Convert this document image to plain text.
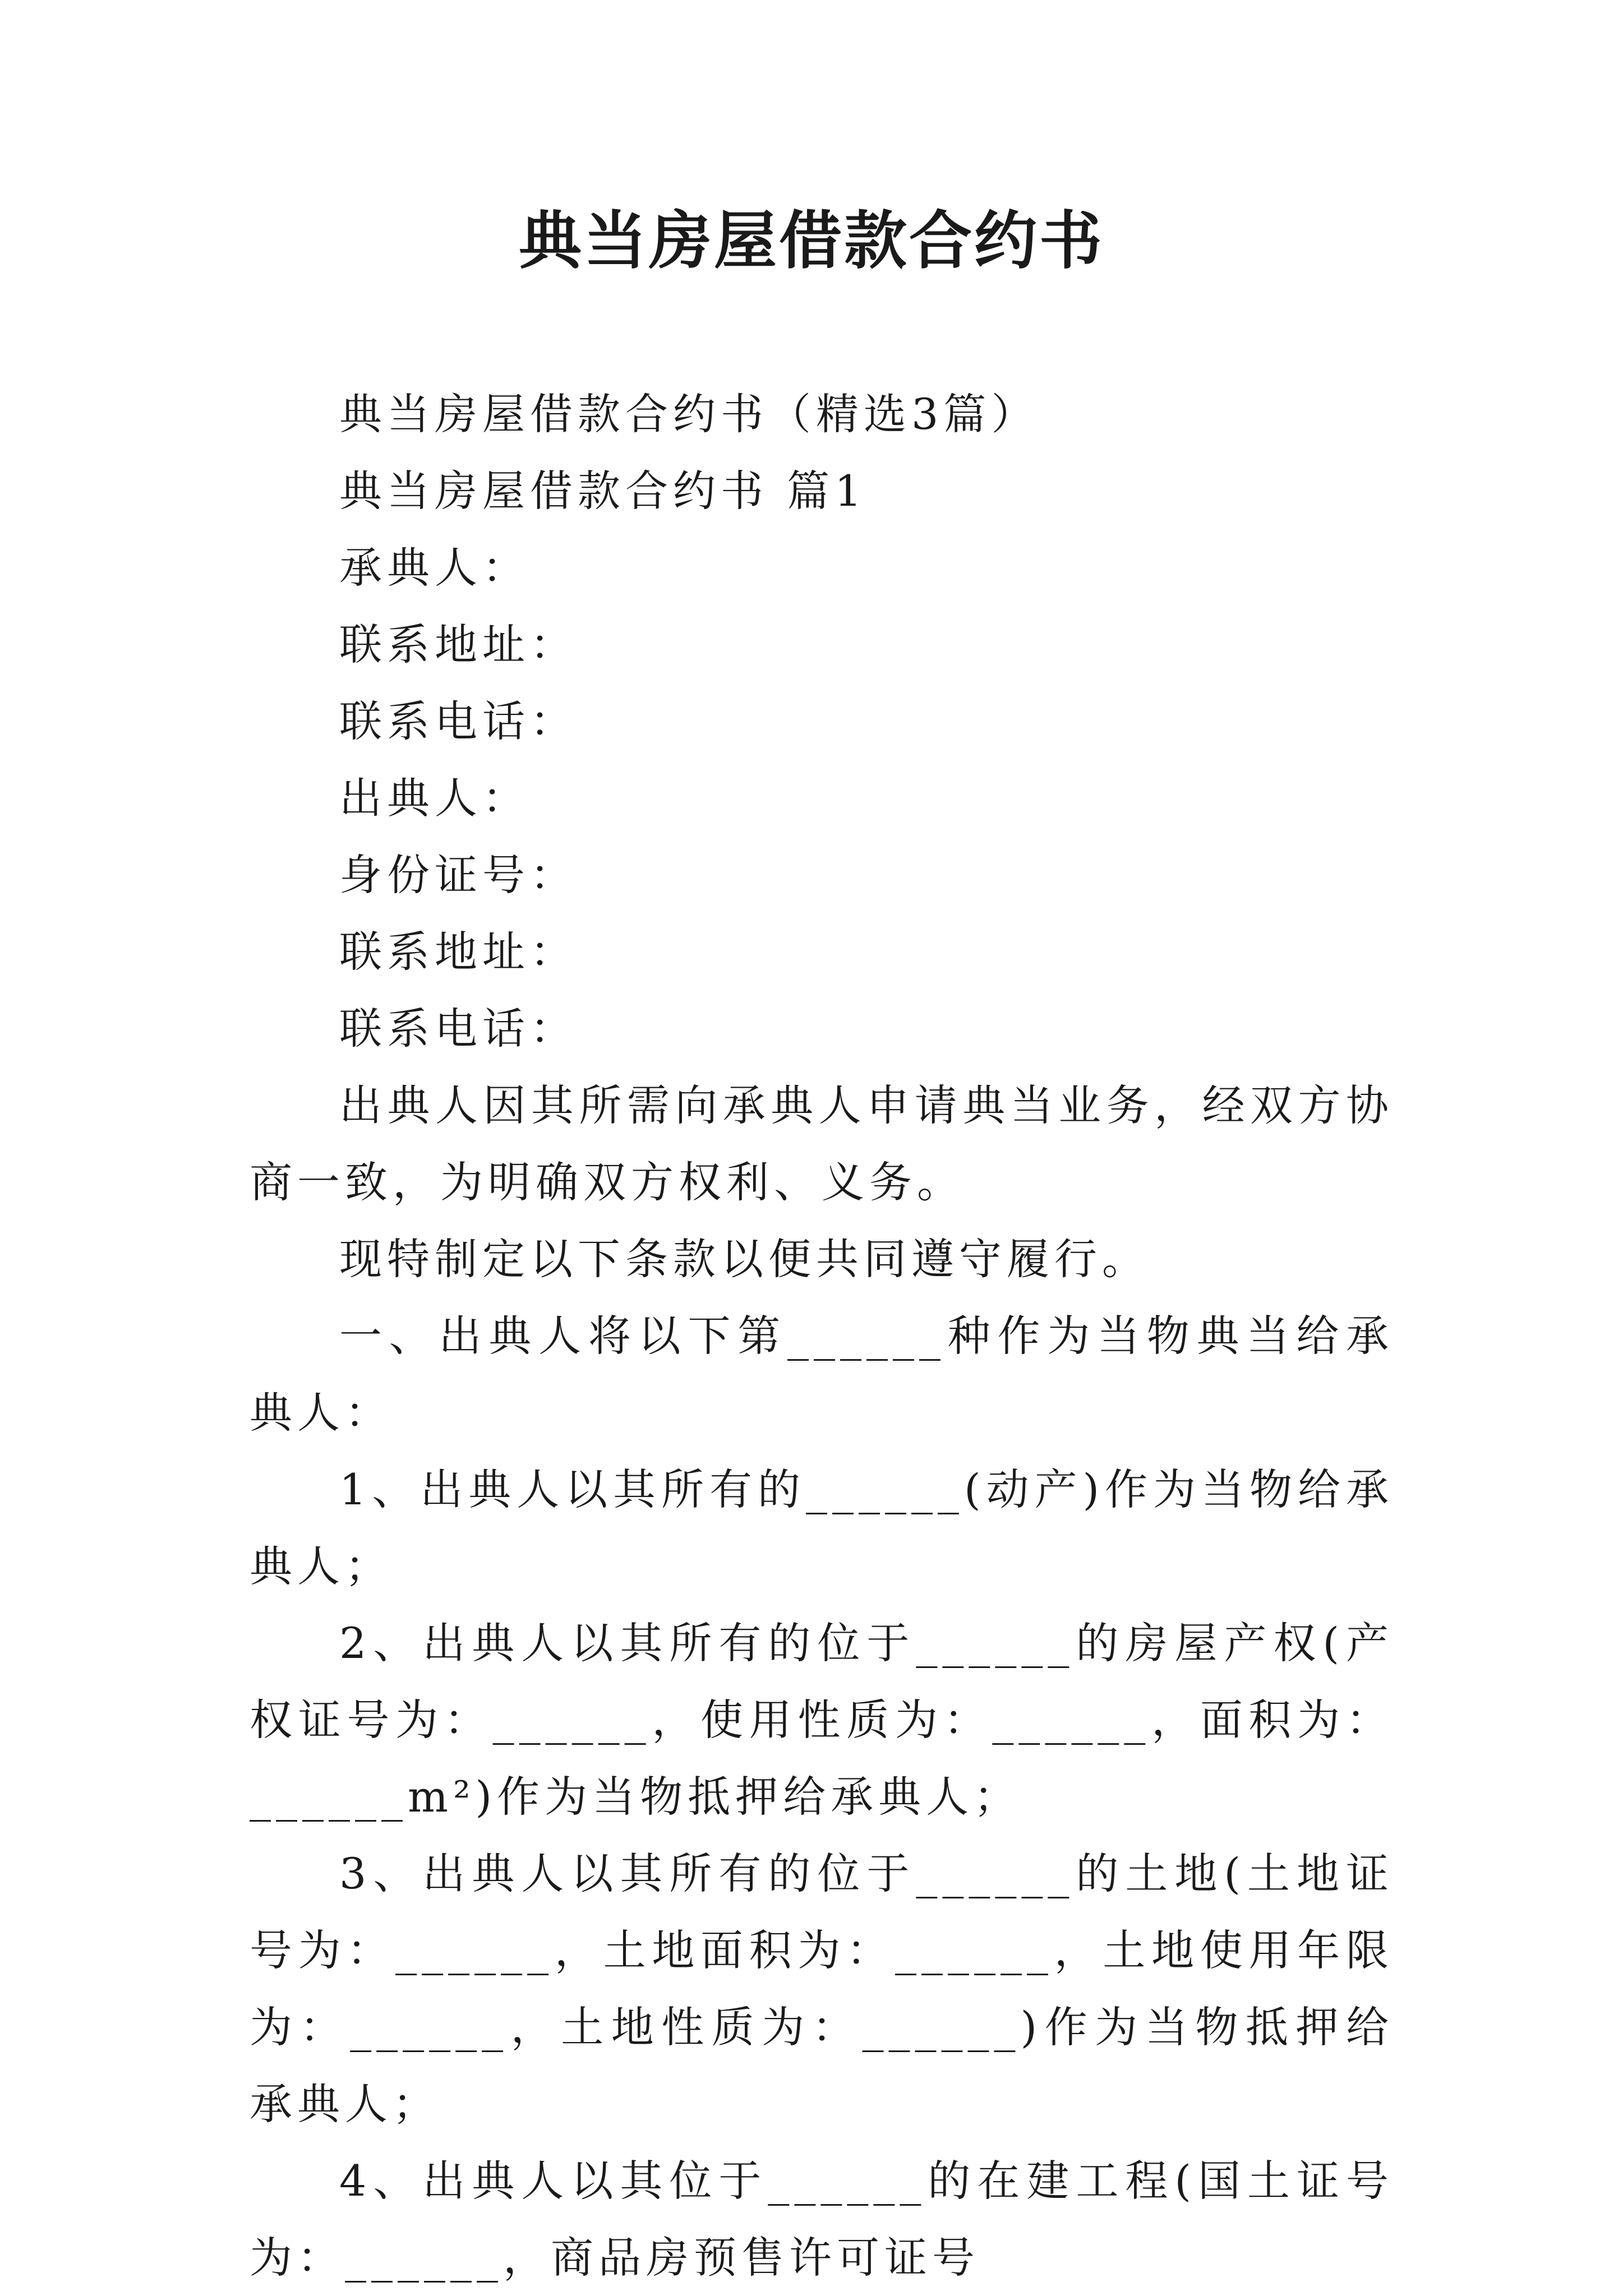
典当房屋借款合约书

典当房屋借款合约书（精选3篇）

典当房屋借款合约书 篇1

承典人：

联系地址：

联系电话：

出典人：

身份证号：

联系地址：

联系电话：

出典人因其所需向承典人申请典当业务，经双方协商一致，为明确双方权利、义务。

现特制定以下条款以便共同遵守履行。

一、出典人将以下第______种作为当物典当给承典人：

1、出典人以其所有的______(动产)作为当物给承典人；

2、出典人以其所有的位于______的房屋产权(产权证号为：______，使用性质为：______，面积为：______m²)作为当物抵押给承典人；

3、出典人以其所有的位于______的土地(土地证号为：______，土地面积为：______，土地使用年限为：______，土地性质为：______)作为当物抵押给承典人；

4、出典人以其位于______的在建工程(国土证号为：______，商品房预售许可证号
